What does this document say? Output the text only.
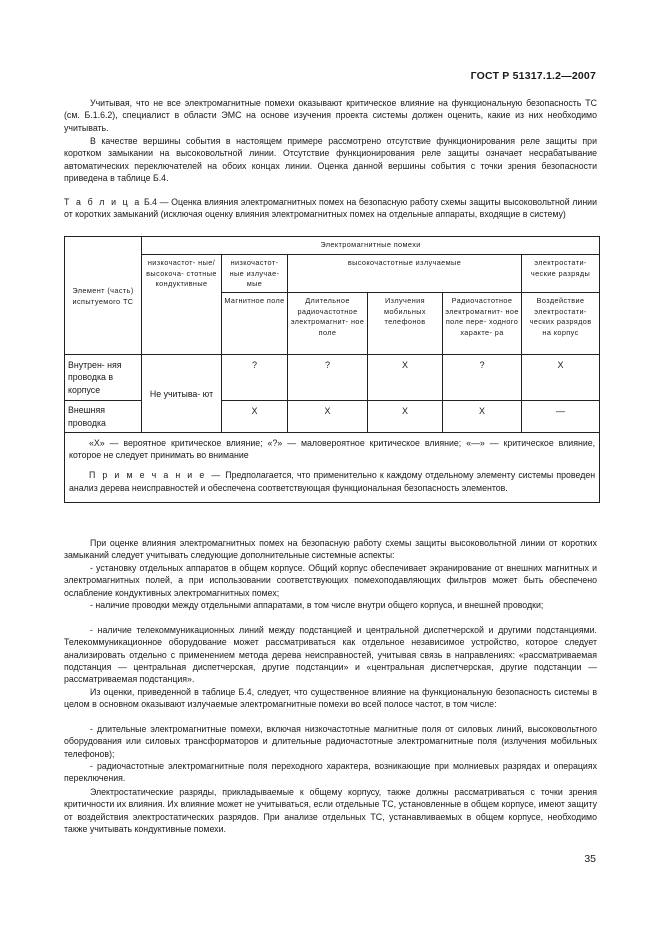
ГОСТ Р 51317.1.2—2007

Учитывая, что не все электромагнитные помехи оказывают критическое влияние на функциональную безопасность ТС (см. Б.1.6.2), специалист в области ЭМС на основе изучения проекта системы должен оценить, какие из них необходимо учитывать.

В качестве вершины события в настоящем примере рассмотрено отсутствие функционирования реле защиты при коротком замыкании на высоковольтной линии. Отсутствие функционирования реле защиты означает несрабатывание автоматических переключателей на обоих концах линии. Оценка данной вершины события с точки зрения безопасности приведена в таблице Б.4.

Т а б л и ц а Б.4 — Оценка влияния электромагнитных помех на безопасную работу схемы защиты высоковольтной линии от коротких замыканий (исключая оценку влияния электромагнитных помех на отдельные аппараты, входящие в систему)
Элемент (часть) испытуемого ТС	Электромагнитные помехи					
	низкочастот- ные/высокоча- стотные кондуктивные	низкочастот- ные излучае- мые	высокочастотные излучаемые			электростати- ческие разряды
		Магнитное поле	Длительное радиочастотное электромагнит- ное поле	Излучения мобильных телефонов	Радиочастотное электромагнит- ное поле пере- ходного характе- ра	Воздействие электростати- ческих разрядов на корпус
Внутрен- няя проводка в корпусе	Не учитыва- ют	?	?	Х	?	Х
Внешняя проводка		Х	Х	Х	Х	—

«Х» — вероятное критическое влияние; «?» — маловероятное критическое влияние; «—» — критическое влияние, которое не следует принимать во внимание

П р и м е ч а н и е — Предполагается, что применительно к каждому отдельному элементу системы проведен анализ дерева неисправностей и обеспечена соответствующая функциональная безопасность элементов.						

При оценке влияния электромагнитных помех на безопасную работу схемы защиты высоковольтной линии от коротких замыканий следует учитывать следующие дополнительные системные аспекты:

- установку отдельных аппаратов в общем корпусе. Общий корпус обеспечивает экранирование от внешних магнитных и электромагнитных полей, а при использовании соответствующих помехоподавляющих фильтров может быть обеспечено ослабление кондуктивных электромагнитных помех;

- наличие проводки между отдельными аппаратами, в том числе внутри общего корпуса, и внешней проводки;

- наличие телекоммуникационных линий между подстанцией и центральной диспетчерской и другими подстанциями. Телекоммуникационное оборудование может рассматриваться как отдельное независимое устройство, которое следует анализировать отдельно с применением метода дерева неисправностей, учитывая связь в направлениях: «рассматриваемая подстанция — центральная диспетчерская, другие подстанции» и «центральная диспетчерская, другие подстанции — рассматриваемая подстанция».

Из оценки, приведенной в таблице Б.4, следует, что существенное влияние на функциональную безопасность системы в целом в основном оказывают излучаемые электромагнитные помехи во всей полосе частот, в том числе:

- длительные электромагнитные помехи, включая низкочастотные магнитные поля от силовых линий, высоковольтного оборудования или силовых трансформаторов и длительные радиочастотные электромагнитные поля (излучения мобильных телефонов);

- радиочастотные электромагнитные поля переходного характера, возникающие при молниевых разрядах и операциях переключения.

Электростатические разряды, прикладываемые к общему корпусу, также должны рассматриваться с точки зрения критичности их влияния. Их влияние может не учитываться, если отдельные ТС, установленные в общем корпусе, имеют защиту от воздействия электростатических разрядов. При анализе отдельных ТС, устанавливаемых в общем корпусе, необходимо также учитывать кондуктивные помехи.

35
